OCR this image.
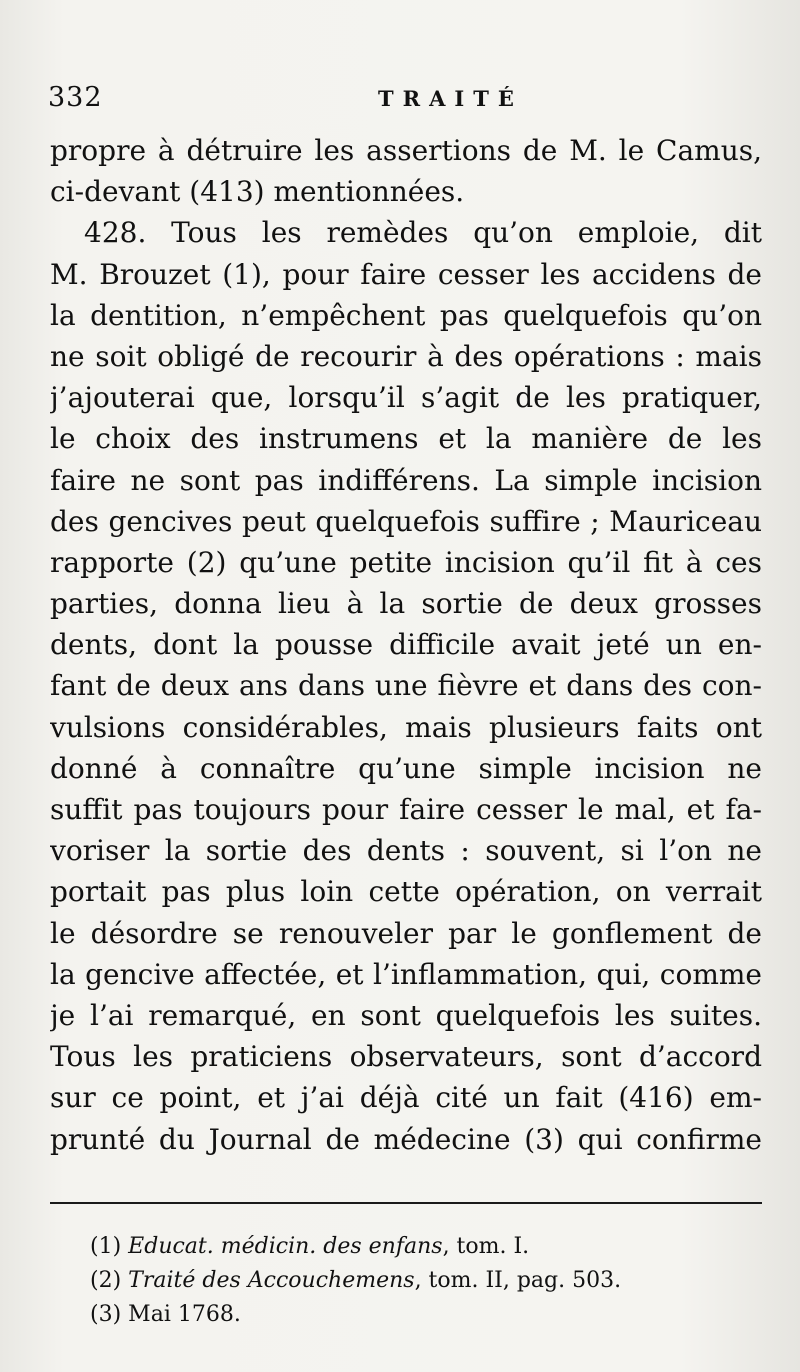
332	TRAITÉ
propre à détruire les assertions de M. le Camus,
ci-devant (413) mentionnées.
428. Tous les remèdes qu’on emploie, dit
M. Brouzet (1), pour faire cesser les accidens de
la dentition, n’empêchent pas quelquefois qu’on
ne soit obligé de recourir à des opérations : mais
j’ajouterai que, lorsqu’il s’agit de les pratiquer,
le choix des instrumens et la manière de les
faire ne sont pas indifférens. La simple incision
des gencives peut quelquefois suffire ; Mauriceau
rapporte (2) qu’une petite incision qu’il fit à ces
parties, donna lieu à la sortie de deux grosses
dents, dont la pousse difficile avait jeté un en-
fant de deux ans dans une fièvre et dans des con-
vulsions considérables, mais plusieurs faits ont
donné à connaître qu’une simple incision ne
suffit pas toujours pour faire cesser le mal, et fa-
voriser la sortie des dents : souvent, si l’on ne
portait pas plus loin cette opération, on verrait
le désordre se renouveler par le gonflement de
la gencive affectée, et l’inflammation, qui, comme
je l’ai remarqué, en sont quelquefois les suites.
Tous les praticiens observateurs, sont d’accord
sur ce point, et j’ai déjà cité un fait (416) em-
prunté du Journal de médecine (3) qui confirme
(1) Educat. médicin. des enfans, tom. I.
(2) Traité des Accouchemens, tom. II, pag. 503.
(3) Mai 1768.
